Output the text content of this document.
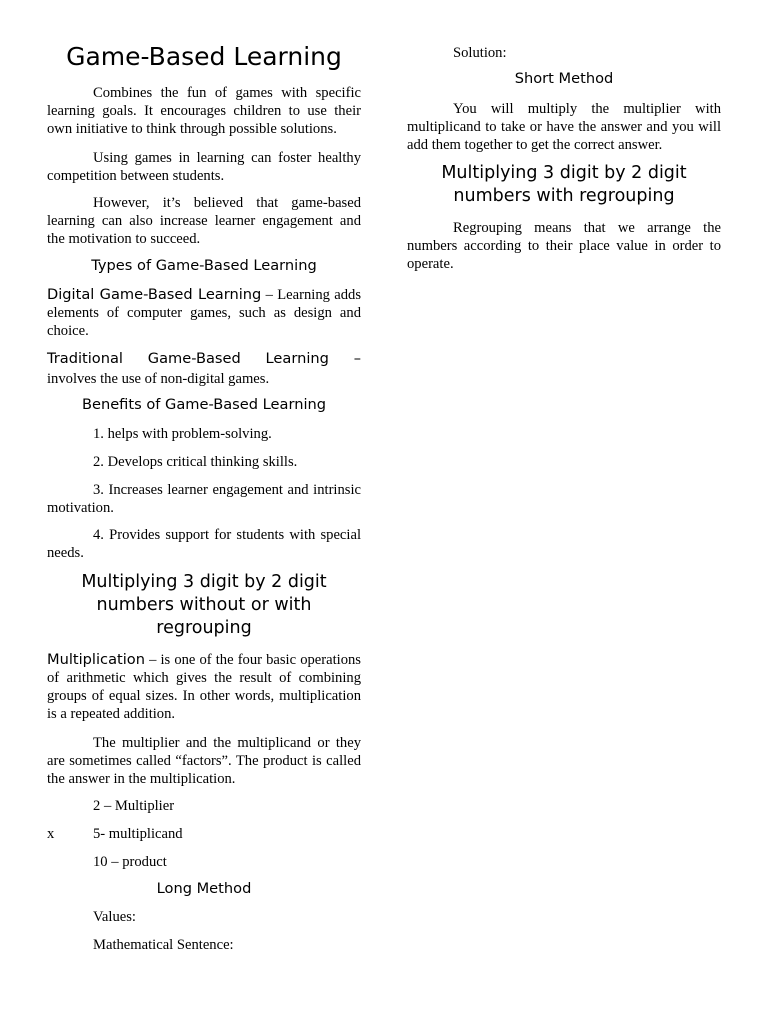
Game-Based Learning

Combines the fun of games with specific learning goals. It encourages children to use their own initiative to think through possible solutions.

Using games in learning can foster healthy competition between students.

However, it’s believed that game-based learning can also increase learner engagement and the motivation to succeed.

Types of Game-Based Learning

Digital Game-Based Learning – Learning adds elements of computer games, such as design and choice.

Traditional Game-Based Learning –

involves the use of non-digital games.

Benefits of Game-Based Learning

1. helps with problem-solving.

2. Develops critical thinking skills.

3. Increases learner engagement and intrinsic motivation.

4. Provides support for students with special needs.

Multiplying 3 digit by 2 digit numbers without or with regrouping

Multiplication – is one of the four basic operations of arithmetic which gives the result of combining groups of equal sizes. In other words, multiplication is a repeated addition.

The multiplier and the multiplicand or they are sometimes called “factors”. The product is called the answer in the multiplication.

2 – Multiplier

x	5- multiplicand

10 – product

Long Method

Values:

Mathematical Sentence:

Solution:

Short Method

You will multiply the multiplier with multiplicand to take or have the answer and you will add them together to get the correct answer.

Multiplying 3 digit by 2 digit numbers with regrouping

Regrouping means that we arrange the numbers according to their place value in order to operate.
